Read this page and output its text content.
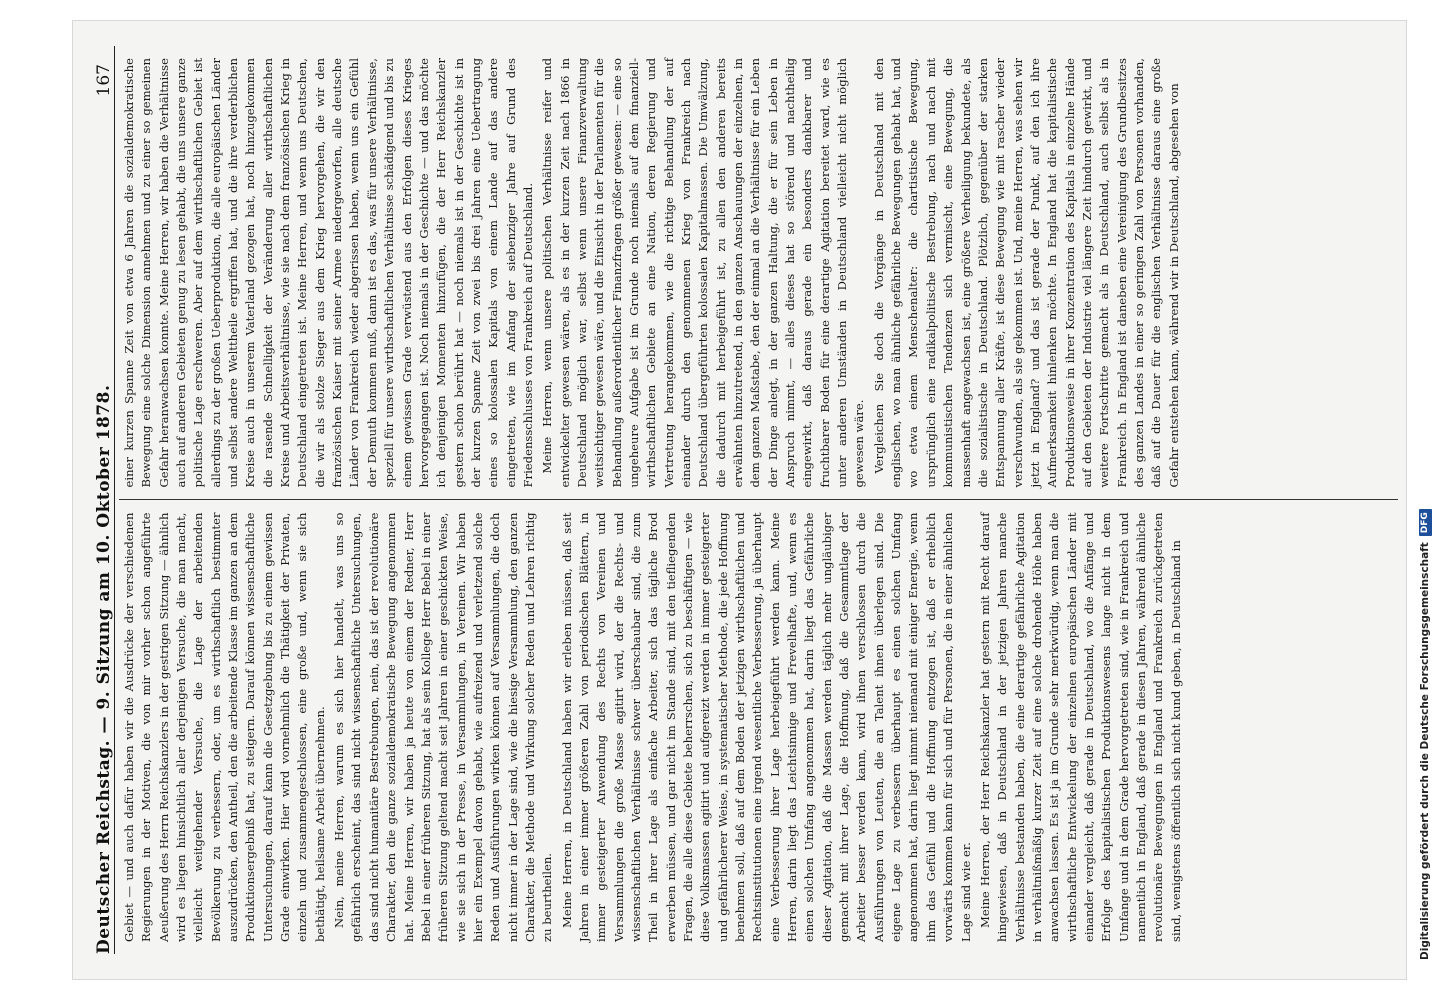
Deutscher Reichstag. — 9. Sitzung am 10. Oktober 1878.
167

Gebiet — und auch dafür haben wir die Ausdrücke der verschiedenen Regierungen in der Motiven, die von mir vorher schon angeführte Aeußerung des Herrn Reichskanzlers in der gestrigen Sitzung — ähnlich wird es liegen hinsichtlich aller derjenigen Versuche, die man macht, vielleicht weitgehender Versuche, die Lage der arbeitenden Bevölkerung zu verbessern, oder, um es wirthschaftlich bestimmter auszudrücken, den Antheil, den die arbeitende Klasse im ganzen an dem Produktionsergebniß hat, zu steigern. Darauf können wissenschaftliche Untersuchungen, darauf kann die Gesetzgebung bis zu einem gewissen Grade einwirken. Hier wird vornehmlich die Thätigkeit der Privaten, einzeln und zusammengeschlossen, eine große und, wenn sie sich bethätigt, heilsame Arbeit übernehmen. Nein, meine Herren, warum es sich hier handelt, was uns so gefährlich erscheint, das sind nicht wissenschaftliche Untersuchungen, das sind nicht humanitäre Bestrebungen, nein, das ist der revolutionäre Charakter, den die ganze sozialdemokratische Bewegung angenommen hat. Meine Herren, wir haben ja heute von einem der Redner, Herr Bebel in einer früheren Sitzung, hat als sein Kollege Herr Bebel in einer früheren Sitzung geltend macht seit Jahren in einer geschickten Weise, wie sie sich in der Presse, in Versammlungen, in Vereinen. Wir haben hier ein Exempel davon gehabt, wie aufreizend und verletzend solche Reden und Ausführungen wirken können auf Versammlungen, die doch nicht immer in der Lage sind, wie die hiesige Versammlung, den ganzen Charakter, die Methode und Wirkung solcher Reden und Lehren richtig zu beurtheilen. Meine Herren, in Deutschland haben wir erleben müssen, daß seit Jahren in einer immer größeren Zahl von periodischen Blättern, in immer gesteigerter Anwendung des Rechts von Vereinen und Versammlungen die große Masse agitirt wird, der die Rechts- und wissenschaftlichen Verhältnisse schwer überschaubar sind, die zum Theil in ihrer Lage als einfache Arbeiter, sich das tägliche Brod erwerben müssen, und gar nicht im Stande sind, mit den tiefliegenden Fragen, die alle diese Gebiete beherrschen, sich zu beschäftigen — wie diese Volksmassen agitirt und aufgereizt werden in immer gesteigerter und gefährlicherer Weise, in systematischer Methode, die jede Hoffnung benehmen soll, daß auf dem Boden der jetzigen wirthschaftlichen und Rechtsinstitutionen eine irgend wesentliche Verbesserung, ja überhaupt eine Verbesserung ihrer Lage herbeigeführt werden kann. Meine Herren, darin liegt das Leichtsinnige und Frevelhafte, und, wenn es einen solchen Umfang angenommen hat, darin liegt das Gefährliche dieser Agitation, daß die Massen werden täglich mehr ungläubiger gemacht mit ihrer Lage, die Hoffnung, daß die Gesammtlage der Arbeiter besser werden kann, wird ihnen verschlossen durch die Ausführungen von Leuten, die an Talent ihnen überlegen sind. Die eigene Lage zu verbessern überhaupt es einen solchen Umfang angenommen hat, darin liegt nimmt niemand mit einiger Energie, wenn ihm das Gefühl und die Hoffnung entzogen ist, daß er erheblich vorwärts kommen kann für sich und für Personen, die in einer ähnlichen Lage sind wie er. Meine Herren, der Herr Reichskanzler hat gestern mit Recht darauf hingewiesen, daß in Deutschland in der jetzigen Jahren manche Verhältnisse bestanden haben, die eine derartige gefährliche Agitation in verhältnißmäßig kurzer Zeit auf eine solche drohende Höhe haben anwachsen lassen. Es ist ja im Grunde sehr merkwürdig, wenn man die wirthschaftliche Entwickelung der einzelnen europäischen Länder mit einander vergleicht, daß gerade in Deutschland, wo die Anfänge und Erfolge des kapitalistischen Produktionswesens lange nicht in dem Umfange und in dem Grade hervorgetreten sind, wie in Frankreich und namentlich in England, daß gerade in diesen Jahren, während ähnliche revolutionäre Bewegungen in England und Frankreich zurückgetreten sind, wenigstens öffentlich sich nicht kund geben, in Deutschland in

einer kurzen Spanne Zeit von etwa 6 Jahren die sozialdemokratische Bewegung eine solche Dimension annehmen und zu einer so gemeinen Gefahr heranwachsen konnte. Meine Herren, wir haben die Verhältnisse auch auf anderen Gebieten genug zu lesen gehabt, die uns unsere ganze politische Lage erschweren. Aber auf dem wirthschaftlichen Gebiet ist allerdings zu der großen Ueberproduktion, die alle europäischen Länder und selbst andere Welttheile ergriffen hat, und die ihre verderblichen Kreise auch in unserem Vaterland gezogen hat, noch hinzugekommen die rasende Schnelligkeit der Veränderung aller wirthschaftlichen Kreise und Arbeitsverhältnisse, wie sie nach dem französischen Krieg in Deutschland eingetreten ist. Meine Herren, und wenn uns Deutschen, die wir als stolze Sieger aus dem Krieg hervorgehen, die wir den französischen Kaiser mit seiner Armee niedergeworfen, alle deutsche Länder von Frankreich wieder abgerissen haben, wenn uns ein Gefühl der Demuth kommen muß, dann ist es das, was für unsere Verhältnisse, speziell für unsere wirthschaftlichen Verhältnisse schädigend und bis zu einem gewissen Grade verwüstend aus den Erfolgen dieses Krieges hervorgegangen ist. Noch niemals in der Geschichte — und das möchte ich denjenigen Momenten hinzufügen, die der Herr Reichskanzler gestern schon berührt hat — noch niemals ist in der Geschichte ist in der kurzen Spanne Zeit von zwei bis drei Jahren eine Uebertragung eines so kolossalen Kapitals von einem Lande auf das andere eingetreten, wie im Anfang der siebenziger Jahre auf Grund des Friedensschlusses von Frankreich auf Deutschland. Meine Herren, wenn unsere politischen Verhältnisse reifer und entwickelter gewesen wären, als es in der kurzen Zeit nach 1866 in Deutschland möglich war, selbst wenn unsere Finanzverwaltung weitsichtiger gewesen wäre, und die Einsicht in der Parlamenten für die Behandlung außerordentlicher Finanzfragen größer gewesen: — eine so ungeheure Aufgabe ist im Grunde noch niemals auf dem finanziell-wirthschaftlichen Gebiete an eine Nation, deren Regierung und Vertretung herangekommen, wie die richtige Behandlung der auf einander durch den genommenen Krieg von Frankreich nach Deutschland übergeführten kolossalen Kapitalmassen. Die Umwälzung, die dadurch mit herbeigeführt ist, zu allen den anderen bereits erwähnten hinzutretend, in den ganzen Anschauungen der einzelnen, in dem ganzen Maßstabe, den der einmal an die Verhältnisse für ein Leben der Dinge anlegt, in der ganzen Haltung, die er für sein Leben in Anspruch nimmt, — alles dieses hat so störend und nachtheilig eingewirkt, daß daraus gerade ein besonders dankbarer und fruchtbarer Boden für eine derartige Agitation bereitet ward, wie es unter anderen Umständen in Deutschland vielleicht nicht möglich gewesen wäre. Vergleichen Sie doch die Vorgänge in Deutschland mit den englischen, wo man ähnliche gefährliche Bewegungen gehabt hat, und wo etwa einem Menschenalter: die chartistische Bewegung, ursprünglich eine radikalpolitische Bestrebung, nach und nach mit kommunistischen Tendenzen sich vermischt, eine Bewegung, die massenhaft angewachsen ist, eine größere Verheiligung bekundete, als die sozialistische in Deutschland. Plötzlich, gegenüber der starken Entspannung aller Kräfte, ist diese Bewegung wie mit rascher wieder verschwunden, als sie gekommen ist. Und, meine Herren, was sehen wir jetzt in England? und das ist gerade der Punkt, auf den ich ihre Aufmerksamkeit hinlenken möchte. In England hat die kapitalistische Produktionsweise in ihrer Konzentration des Kapitals in einzelne Hände auf den Gebieten der Industrie viel längere Zeit hindurch gewirkt, und weitere Fortschritte gemacht als in Deutschland, auch selbst als in Frankreich. In England ist daneben eine Vereinigung des Grundbesitzes des ganzen Landes in einer so geringen Zahl von Personen vorhanden, daß auf die Dauer für die englischen Verhältnisse daraus eine große Gefahr entstehen kann, während wir in Deutschland, abgesehen von

Digitalisierung gefördert durch die Deutsche Forschungsgemeinschaft
DFG
